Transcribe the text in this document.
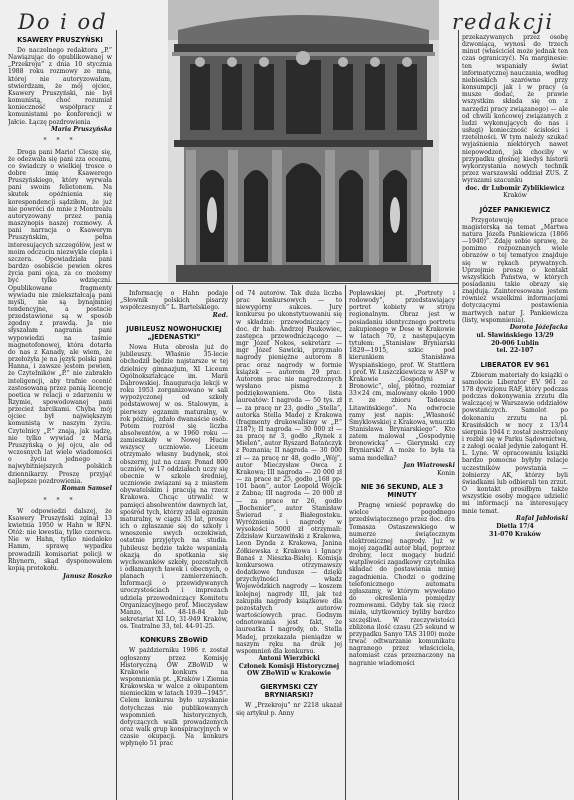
Do i od	redakcji
KSAWERY PRUSZYŃSKI

Do naczelnego redaktora „P.” Nawiązując do opublikowanej w „Przekroju” z dnia 10 stycznia 1988 roku rozmowy ze mną, której nie autoryzowałam, stwierdzam, że mój ojciec, Ksawery Pruszyński, nie był komunistą, choć rozumiał konieczność współpracy z komunistami po konferencji w Jałcie. Łączę pozdrowienia

Maria Pruszyńska

* * *

Droga pani Mario! Cieszę się, że odezwała się pani zza oceanu, co świadczy o wielkiej trosce o dobre imię Ksawerego Pruszyńskiego, który wyrwała pani swoim felietonem. Na skutek opóźnienia się korespondencji sądziłem, że już nie powróci do mnie z Montrealu autoryzowany przez panią maszynopis naszej rozmowy. A pani narracja o Ksawerym Pruszyńskim, pełna interesujących szczegółów, jest w moim odczuciu niezwykle ciepła i szczera. Opowiadziała pani bardzo osobiście pewien okres życia pani ojca, za co możemy być tylko wdzięczni. Opublikowane fragmenty wywiadu nie zniekształcają pani myśli, nie są bynajmniej tendencyjne, a postacie przedstawione są w sposób zgodny z prawdą. Ja nie słyszałam nagrania pani wypowiedzi na taśmie magnetofonowej, która dotarła do nas z Kanady, ale wiem, że przełożyła je na język polski pani Hanna, i zawsze jestem pewien, że Czytelników „P.” nie zabrakło inteligencji, aby trafnie ocenić zastosowaną przez panią licencję poetica w relacji o zdarzeniu w Rzymie, spowodowanej pani przecież żarcikami. Chyba mój ojciec był największym komunistą w naszym życiu. Czytelnicy „P.” znają, jak sądzę, nie tylko wywiad z Marią Pruszyńską o jej ojcu, ale od wczesnych lat wiele wiadomości o życiu jednego z najwybitniejszych polskich dziennikarzy. Proszę przyjąć najlepsze pozdrowienia.

Roman Samsel

* * *

W odpowiedzi dalszej, że Ksawery Pruszyński zginął 13 kwietnia 1950 w Hahn w RFN. Otóż: nie kwestia, tylko czerwcu. Nie w Hahn, tylko niedaleko Hamm, sprawę wypadku prowadzili komisariat policji w Rhynern, skąd dysponowałem kopią protokołu.

Janusz Roszko

Informację o Hahn podaje „Słownik polskich pisarzy współczesnych” L. Bartelskiego.

Red.

JUBILEUSZ NOWOHUCKIEJ „JEDENASTKI”

Nowa Huta obrosła już do jubileuszy. Właśnie 35-lecie obchodził będzie najstarsze w tej dzielnicy gimnazjum, XI Liceum Ogólnokształcące im. Marii Dąbrowskiej. Inauguracja lekcji w roku 1953 zorganizowano w sali wypożyczonej od szkoły podstawowej w os. Stalowym, a pierwszy egzamin maturalny, w rok później, zdało dwanaście osób. Potem rozrósł się liczba absolwentów, a w 1960 roku — zamieszkały w Nowej Hucie wszyscy uczniowie. Liceum otrzymało własny budynek, stoi obszerny, już na czasy. Ponad 800 uczniów, w 17 oddziałach uczy się obecnie w szkole średniej, uczniowie związani są z miastem obywatelskim i pracują na rzecz Krakowa. Chcąc utrwalić w pamięci absolwentów dawnych lat, spośród tych, którzy zdali egzamin maturalny, w ciągu 35 lat, proszę ich o zgłaszanie się do szkoły i wnoszenie swych oczekiwań, ostatnie przyjętych na studia. Jubileusz będzie także wspaniałą okazją do spotkania się wychowanków szkoły, pozostałych i odłamanych ławek i obecnych, o planach i zamierzeniach. Informacji o przewidywanych uroczystościach i imprezach udzielą przewodniczący Komitetu Organizacyjnego prof. Mieczysław Manzo, tel. 48-18-84 lub sekretariat XI LO, 31-949 Kraków, os. Teatralne 33, tel. 44-91-25.

KONKURS ZBoWiD

W październiku 1986 r. został ogłoszony przez Komisję Historyczną OW ZBoWiD w Krakowie konkurs na wspomnienia pt. „Kraków i Ziemia Krakowska w walce z okupantem niemieckim w latach 1939—1945”. Celem konkursu było uzyskanie dotychczas nie publikowanych wspomnień historycznych, dotyczących walk prowadzonych oraz walk grup konspiracyjnych w czasie okupacji. Na konkurs wpłynęło 51 prac

od 74 autorów. Tak duża liczba prac konkursowych — to niewygórny sukces. Jury konkursu po ukonstytuowaniu się w składzie: przewodniczący — doc. dr hab. Andrzej Paukowiec, zastępca przewodniczącego — mgr Józef Nokos, sekretarz — mgr Józef Sawicki, przyznało nagrody pieniężne autorom 8 prac oraz nagrody w formie książek — autorom 29 prac. Autorom prac nie nagrodzonych wysłano pisma z podziękowaniem. Oto lista laureatów: I nagroda — 50 tys. zł — za pracę nr 23, godło „Stella”, autorka Stella Madej z Krakowa (fragmenty drukowaliśmy w „P.” 2187); II nagroda — 30 000 zł — za pracę nr 3, godło „Rynek z Mieleń”, autor Ryszard Batańczyk z Poznania; II nagroda — 30 000 zł — za pracę nr 48, godło „Wój”, autor Mieczysław Owca z Krakowa; III nagroda — 20 000 zł — za prace nr 25, godło „168 pp-101 baon”, autor Leopold Wójcik z Zabna; III nagroda — 20 000 zł — za prace nr 26, godło „Bochenior”, autor Stanisław Świerad z Białegostoku. Wyróżnienia i nagrody w wysokości 5000 zł otrzymali: Zdzisław Kurzawiński z Krakowa, Leon Dynda z Krakowa, Janina Żółkiewska z Krakowa i Ignacy Banaś z Nieszka-Białej. Komisja konkursowa otrzymawszy dodatkowe fundusze — dzięki przychylności władz Wojewódzkich nagrody — koszem kolejnej nagrody III, jak też zakupiła nagrody książkowe dla pozostałych autorów wartościowych prac. Godnym odnotowania jest fakt, że laureatka I nagrody, ob. Stella Madej, przekazała pieniądze w naszym ręku na druk jej wspomnień dla konkursu.

Antoni Wierzbicki

Członek Komisji Historycznej OW ZBoWiD w Krakowie

GIERYMSKI CZY BRYNIARSKI?

W „Przekroju” nr 2218 ukazał się artykuł p. Anny

Popławskiej pt. „Portrety i rodowody”, przedstawiający portret kobiety w stroju regionalnym. Obraz jest w posiadaniu identycznego portretu zakupionego w Dese w Krakowie w latach 70, z następującym tytułem: „Stanisław Bryniarski 1829—1915, szkic pod kierunkiem Stanisława Wyspiańskiego, prof. W. Stattlera i prof. W. Łuszczkiewicza w ASP w Krakowie „Gospodyni z Bronowic”, olej, płótno, rozmiar 33×24 cm, malowany około 1900 r. ze zbioru Tadeusza Litawińskiego”. Na odwrocie ramy jest napis: „Własność Śmyklowskiej z Krakowa, wnuczki Stanisława Bryniarskiego”. Kto zatem malował „Gospodynię bronowicką” — Gierymski czy Bryniarski? A może to była ta sama modelka?

Jan Wiatrowski

Konin

NIE 36 SEKUND, ALE 3 MINUTY

Pragnę wnieść poprawkę do wielce pogodnego przedświątecznego przez doc. dra Tomasza Ostaszewskiego w numerze świątecznym elektronicznej nagrody. Już w mojej zagadki autor błąd, poprzez drobny, lecz mogący budzić wątpliwości zagadkowy czytelnika składać do postawienia mniej zagadnienia. Chodzi o godzinę telefonicznego automatu zgłaszamy, w którym wywołano do określenia pomiędzy rozmowami. Gdyby tak się rzecz miała, użytkownicy byliby bardzo szczęśliwi. W rzeczywistości zbliżona ilość czasu (25 sekund w przypadku Sanyo TAS 3100) może trwać odtwarzanie komunikatu nagranego przez właściciela, natomiast czas przeznaczony na nagranie wiadomości

przekazywanych przez osobę dzwoniącą, wynosi do trzech minut (właściciel może jednak ten czas ograniczyć). Na marginesie: ten wspaniały świat informatycznej nauczania, według niebieskich szarówno przy konsumpcji jak i w pracy (a musze dodać, że prawie wszystkim składa się on z narzędzi pracy związanego) — ale od chwili końcowej związanych z ludzi wykonujących do nas i usługi) konieczność ścisłości i rzetelności. W tym należy szukać wyjaśnienia niektórych nawet niepowodzeń, jak chociby w przypadku głośnej kiedyś historii wykorzystania nowych technik przez warszawski oddział ZUS. Z wyrazami szacunku

doc. dr Lubomir Zyblikiewicz

Kraków

JÓZEF PANKIEWICZ

Przygotowuję prace magisterską na temat „Martwa natura Józefa Pankiewicza (1866—1940)”. Zdaję sobie sprawę, że pomimo rozpoznanych wiele obrazów o tej tematyce znajduje się w rękach prywatnych. Uprzejmie proszę o kontakt wszystkich Państwa, w których posiadaniu takie obrazy się znajdują. Zainteresowana jestem również wszelkimi informacjami dotyczącymi postawienia martwych natur J. Pankiewicza (listy, wspomnienia).

Dorota Jóźefacka

ul. Sławińskiego 13/29

20-006 Lublin

tel. 22-107

LIBERATOR EV 961

Zbieram materiały do książki o samolocie Liberator EV 961 ze 178 dywizjonu RAF, który podczas podczas dokonywania zrzutu dla walczącej w Warszawie oddziałów powstańczych. Samolot po dokonaniu zrzutu na pl. Krasińskich w nocy z 13/14 sierpnia 1944 r. został zestrzelony i rozbił się w Parku Sądownictwa, z załogi ocalał jedynie załogant H. L. Lyne. W opracowaniu książki bardzo pomocne byłyby relacje uczestników powstania — żołnierzy AK, którzy byli świadkami lub odbierali ten zrzut. O kontakt prosiłbym także wszystkie osoby mogące udzielić mi informacji na interesujący mnie temat.

Rafał Jabłoński

Dietla 17/4

31-070 Kraków
